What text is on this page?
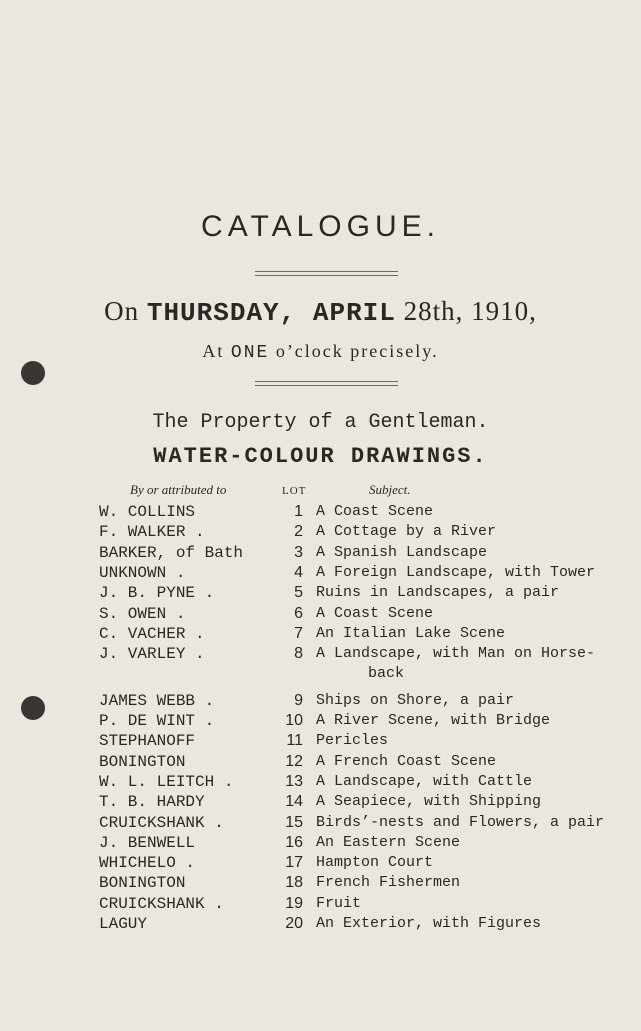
CATALOGUE.
On THURSDAY, APRIL 28th, 1910,
At ONE o’clock precisely.
The Property of a Gentleman.
WATER-COLOUR DRAWINGS.
By or attributed to	LOT	Subject.
W. COLLINS	1 A Coast Scene
F. WALKER .	2 A Cottage by a River
BARKER, of Bath	3 A Spanish Landscape
UNKNOWN .	4 A Foreign Landscape, with Tower
J. B. PYNE .	5 Ruins in Landscapes, a pair
S. OWEN .	6 A Coast Scene
C. VACHER .	7 An Italian Lake Scene
J. VARLEY .	8 A Landscape, with Man on Horse-
back
JAMES WEBB .	9 Ships on Shore, a pair
P. DE WINT .	10 A River Scene, with Bridge
STEPHANOFF	11 Pericles
BONINGTON	12 A French Coast Scene
W. L. LEITCH .	13 A Landscape, with Cattle
T. B. HARDY	14 A Seapiece, with Shipping
CRUICKSHANK .	15 Birds’-nests and Flowers, a pair
J. BENWELL	16 An Eastern Scene
WHICHELO .	17 Hampton Court
BONINGTON	18 French Fishermen
CRUICKSHANK .	19 Fruit
LAGUY	20 An Exterior, with Figures
